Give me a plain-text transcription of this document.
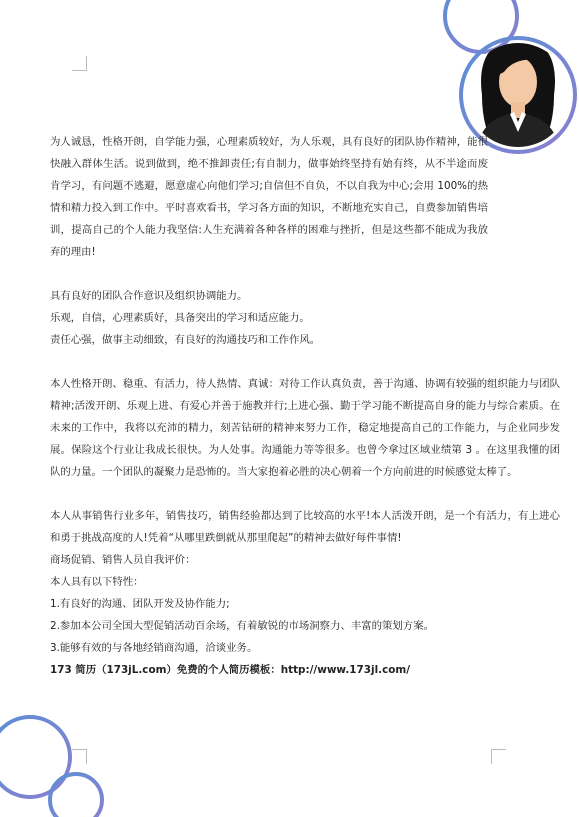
为人诚恳，性格开朗，自学能力强，心理素质较好，为人乐观，具有良好的团队协作精神，能很快融入群体生活。说到做到，绝不推卸责任;有自制力，做事始终坚持有始有终，从不半途而废肯学习，有问题不逃避，愿意虚心向他们学习;自信但不自负，不以自我为中心;会用 100%的热情和精力投入到工作中。平时喜欢看书，学习各方面的知识，不断地充实自己，自费参加销售培训，提高自己的个人能力我坚信:人生充满着各种各样的困难与挫折，但是这些都不能成为我放弃的理由!

具有良好的团队合作意识及组织协调能力。

乐观，自信，心理素质好，具备突出的学习和适应能力。

责任心强，做事主动细致，有良好的沟通技巧和工作作风。

本人性格开朗、稳重、有活力，待人热情、真诚：对待工作认真负责，善于沟通、协调有较强的组织能力与团队精神;活泼开朗、乐观上进、有爱心并善于施教并行;上进心强、勤于学习能不断提高自身的能力与综合素质。在未来的工作中，我将以充沛的精力，刻苦钻研的精神来努力工作，稳定地提高自己的工作能力，与企业同步发展。保险这个行业让我成长很快。为人处事。沟通能力等等很多。也曾今拿过区域业绩第 3 。在这里我懂的团队的力量。一个团队的凝聚力是恐怖的。当大家抱着必胜的决心朝着一个方向前进的时候感觉太棒了。

本人从事销售行业多年，销售技巧，销售经验都达到了比较高的水平!本人活泼开朗，是一个有活力，有上进心和勇于挑战高度的人!凭着“从哪里跌倒就从那里爬起”的精神去做好每件事情!

商场促销、销售人员自我评价：

本人具有以下特性：

1.有良好的沟通、团队开发及协作能力;

2.参加本公司全国大型促销活动百余场，有着敏锐的市场洞察力、丰富的策划方案。

3.能够有效的与各地经销商沟通，洽谈业务。

173 简历（173jL.com）免费的个人简历模板：http://www.173jl.com/
